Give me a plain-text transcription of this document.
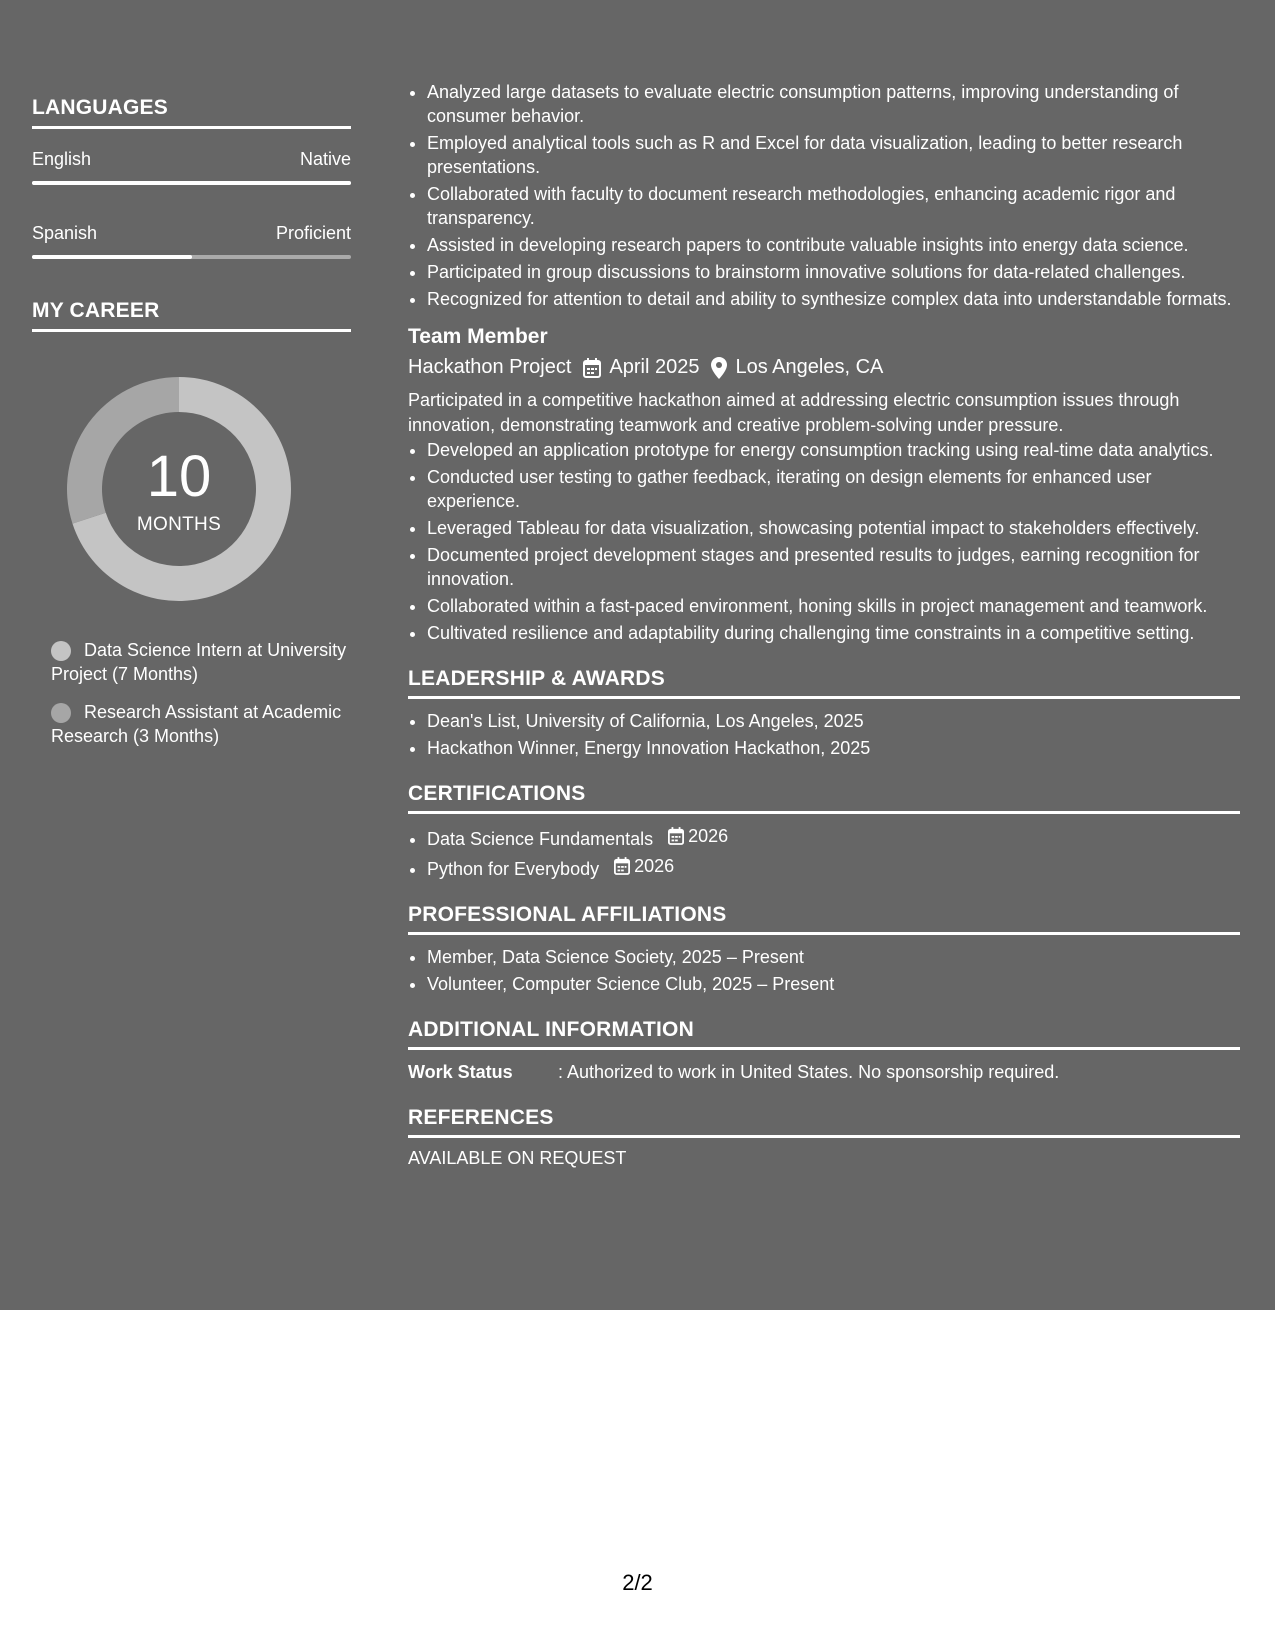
LANGUAGES
English	Native
Spanish	Proficient
MY CAREER
10
MONTHS
Data Science Intern at University Project (7 Months)
Research Assistant at Academic Research (3 Months)
• Analyzed large datasets to evaluate electric consumption patterns, improving understanding of consumer behavior.
• Employed analytical tools such as R and Excel for data visualization, leading to better research presentations.
• Collaborated with faculty to document research methodologies, enhancing academic rigor and transparency.
• Assisted in developing research papers to contribute valuable insights into energy data science.
• Participated in group discussions to brainstorm innovative solutions for data-related challenges.
• Recognized for attention to detail and ability to synthesize complex data into understandable formats.
Team Member
Hackathon Project April 2025 Los Angeles, CA
Participated in a competitive hackathon aimed at addressing electric consumption issues through innovation, demonstrating teamwork and creative problem-solving under pressure.
• Developed an application prototype for energy consumption tracking using real-time data analytics.
• Conducted user testing to gather feedback, iterating on design elements for enhanced user experience.
• Leveraged Tableau for data visualization, showcasing potential impact to stakeholders effectively.
• Documented project development stages and presented results to judges, earning recognition for innovation.
• Collaborated within a fast-paced environment, honing skills in project management and teamwork.
• Cultivated resilience and adaptability during challenging time constraints in a competitive setting.
LEADERSHIP & AWARDS
• Dean's List, University of California, Los Angeles, 2025
• Hackathon Winner, Energy Innovation Hackathon, 2025
CERTIFICATIONS
• Data Science Fundamentals 2026
• Python for Everybody 2026
PROFESSIONAL AFFILIATIONS
• Member, Data Science Society, 2025 – Present
• Volunteer, Computer Science Club, 2025 – Present
ADDITIONAL INFORMATION
Work Status	: Authorized to work in United States. No sponsorship required.
REFERENCES
AVAILABLE ON REQUEST
2/2
